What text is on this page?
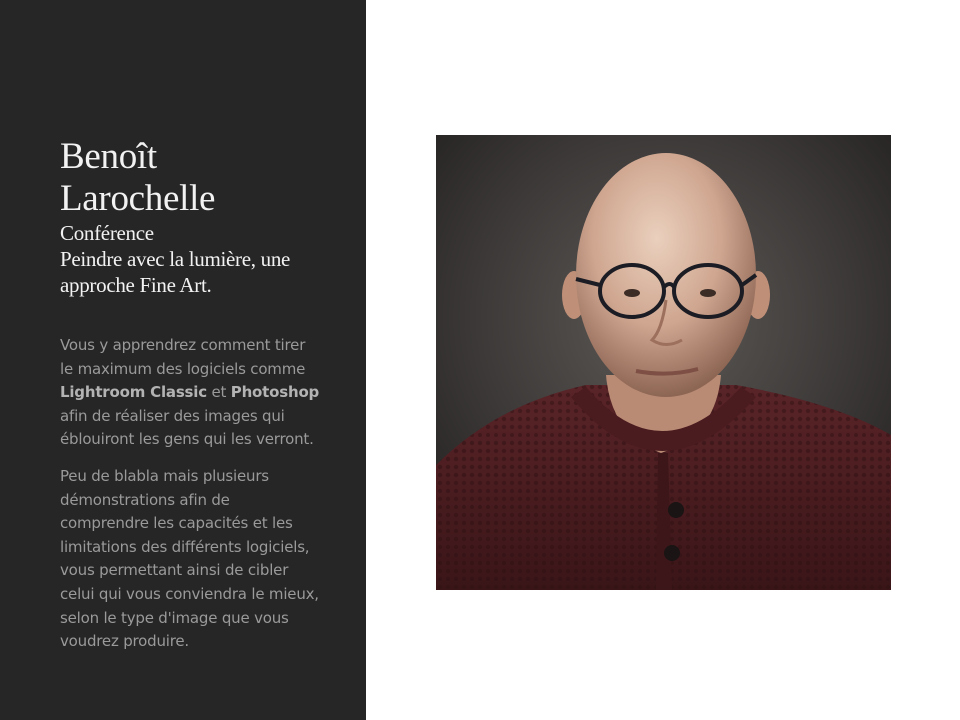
Benoît
Larochelle
Conférence
Peindre avec la lumière, une
approche Fine Art.

Vous y apprendrez comment tirer le maximum des logiciels comme Lightroom Classic et Photoshop afin de réaliser des images qui éblouiront les gens qui les verront.

Peu de blabla mais plusieurs démonstrations afin de comprendre les capacités et les limitations des différents logiciels, vous permettant ainsi de cibler celui qui vous conviendra le mieux, selon le type d'image que vous voudrez produire.
